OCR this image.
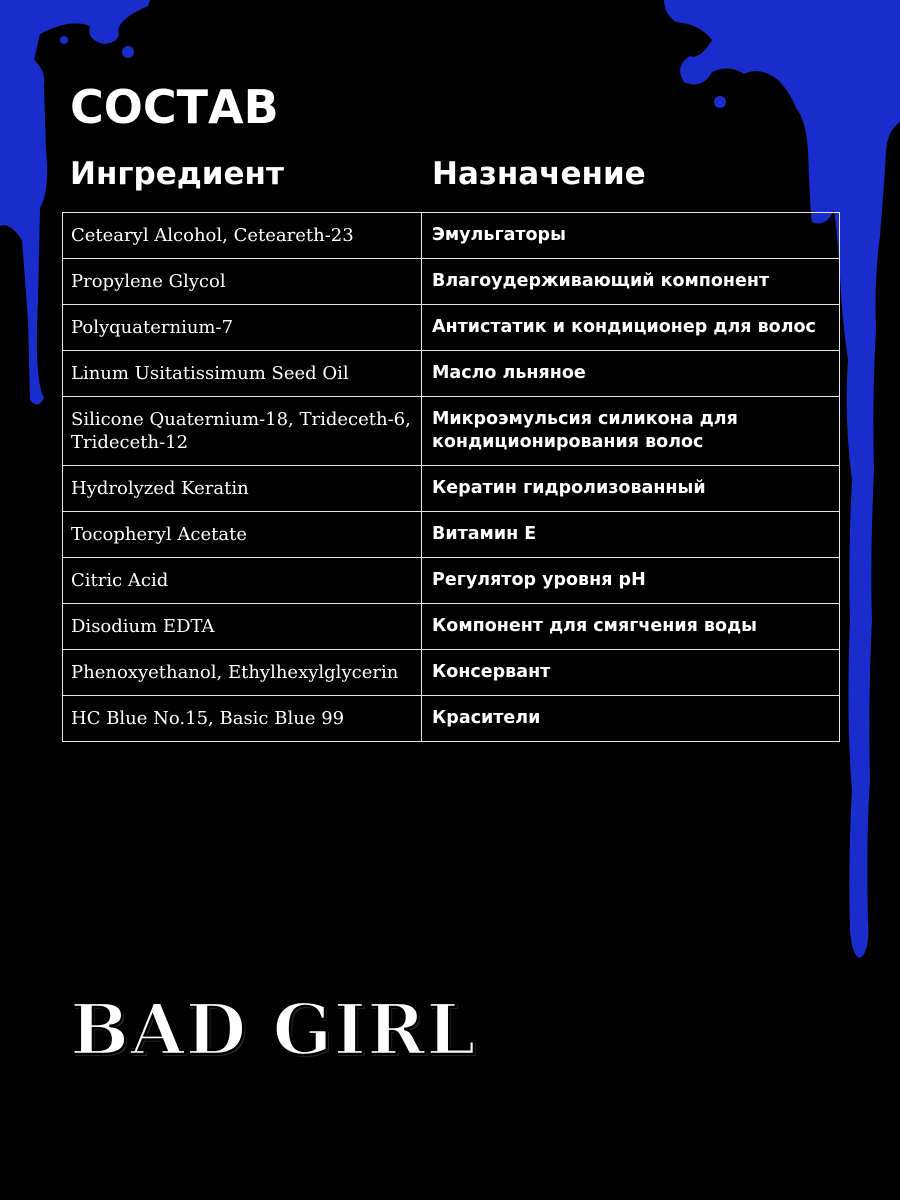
СОСТАВ
Ингредиент	Назначение
Cetearyl Alcohol, Ceteareth-23	Эмульгаторы
Propylene Glycol	Влагоудерживающий компонент
Polyquaternium-7	Антистатик и кондиционер для волос
Linum Usitatissimum Seed Oil	Масло льняное
Silicone Quaternium-18, Trideceth-6, Trideceth-12	Микроэмульсия силикона для кондиционирования волос
Hydrolyzed Keratin	Кератин гидролизованный
Tocopheryl Acetate	Витамин Е
Citric Acid	Регулятор уровня pH
Disodium EDTA	Компонент для смягчения воды
Phenoxyethanol, Ethylhexylglycerin	Консервант
HC Blue No.15, Basic Blue 99	Красители
BAD GIRL
